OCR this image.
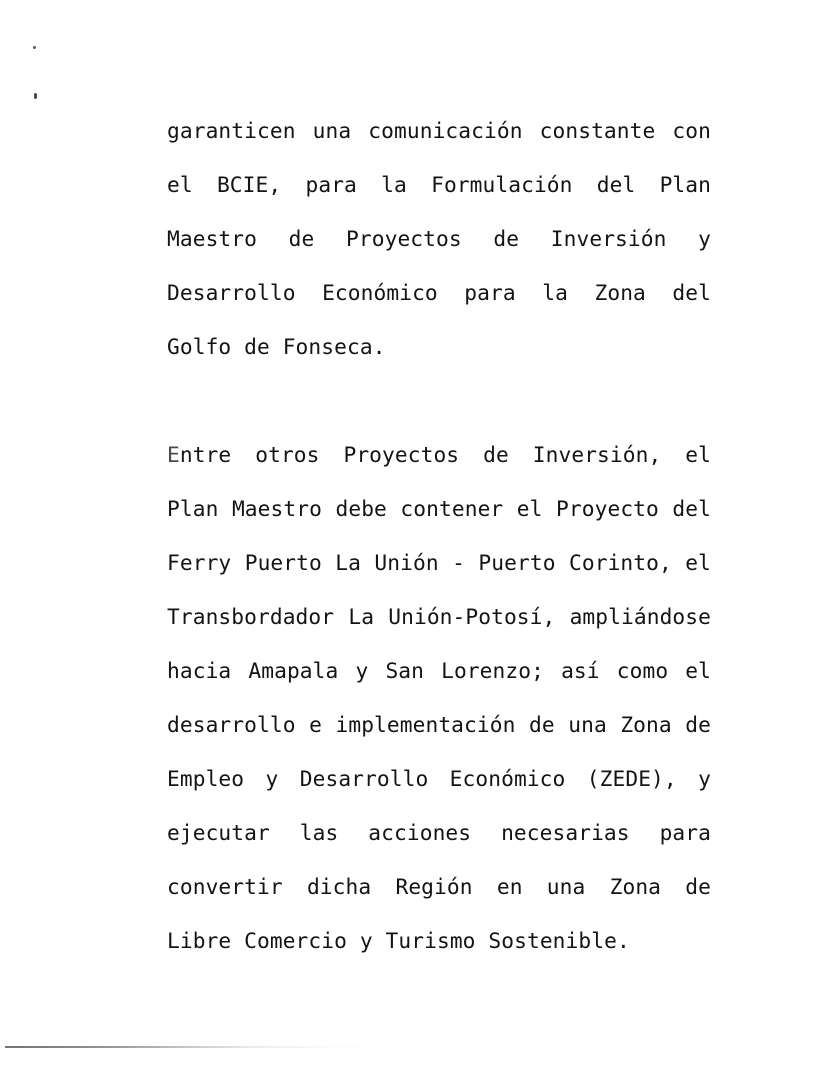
garanticen una comunicación constante con el BCIE, para la Formulación del Plan Maestro de Proyectos de Inversión y Desarrollo Económico para la Zona del Golfo de Fonseca.

Entre otros Proyectos de Inversión, el Plan Maestro debe contener el Proyecto del Ferry Puerto La Unión - Puerto Corinto, el Transbordador La Unión-Potosí, ampliándose hacia Amapala y San Lorenzo; así como el desarrollo e implementación de una Zona de Empleo y Desarrollo Económico (ZEDE), y ejecutar las acciones necesarias para convertir dicha Región en una Zona de Libre Comercio y Turismo Sostenible.
